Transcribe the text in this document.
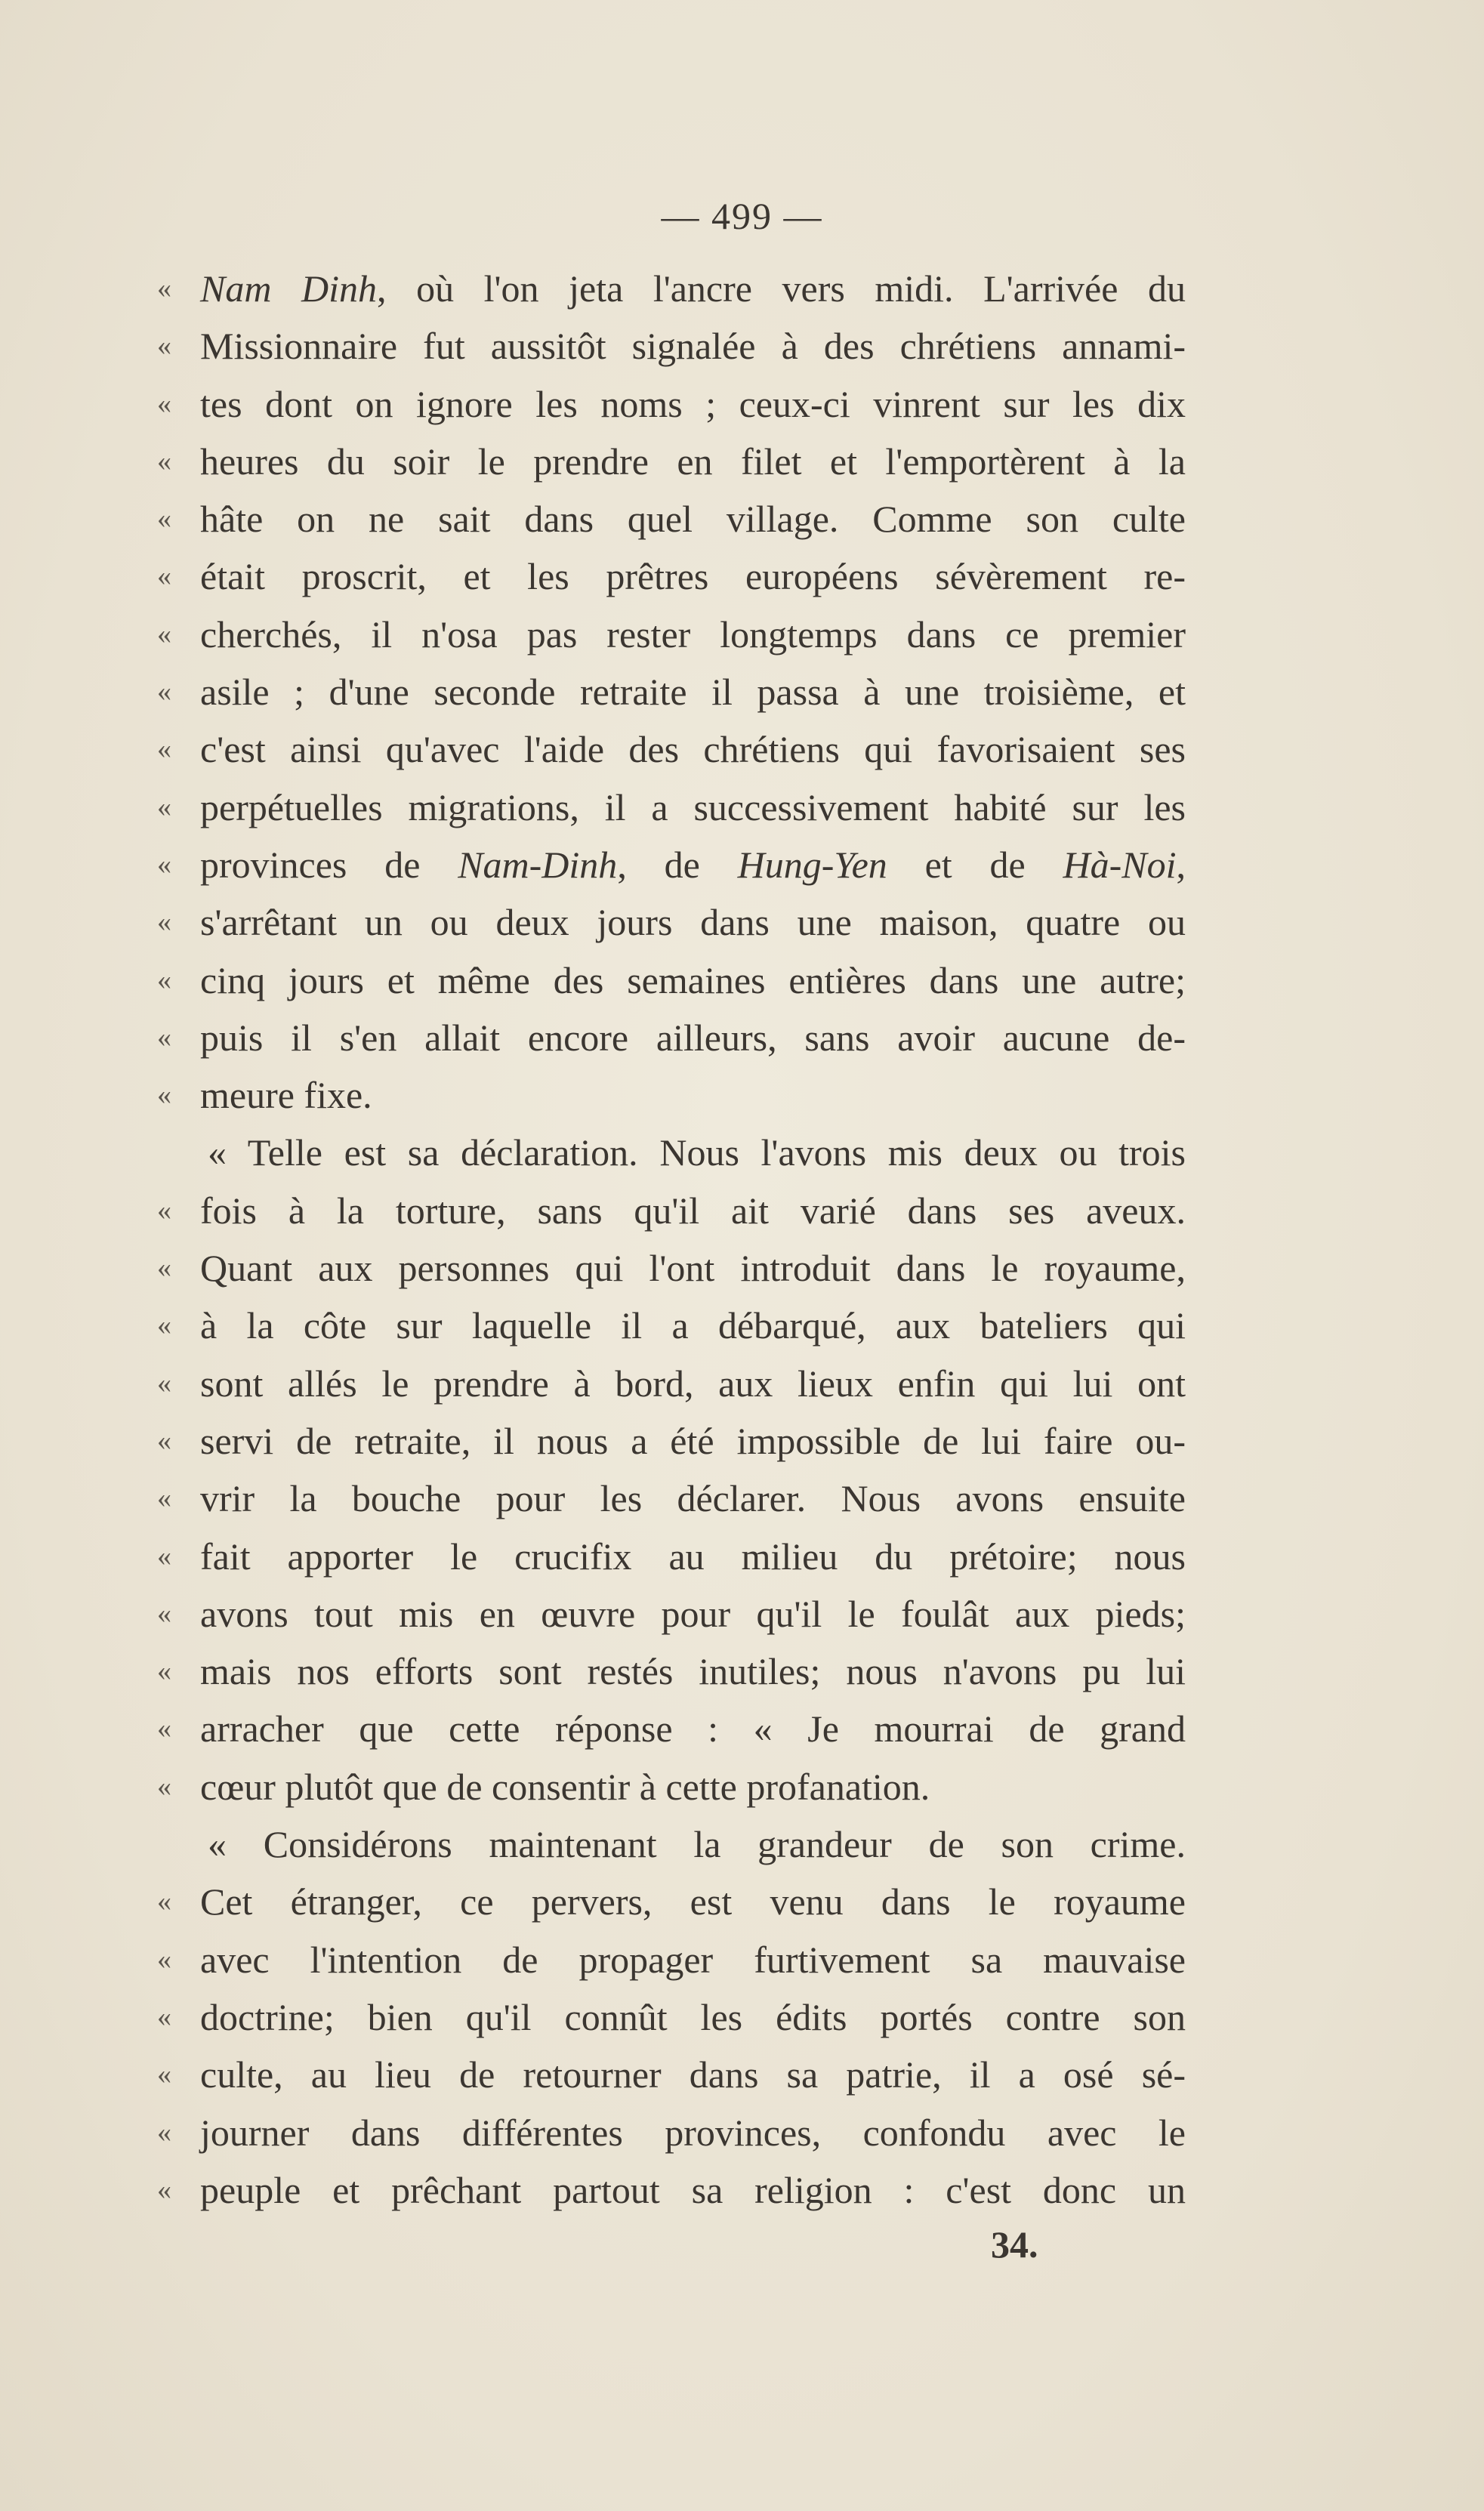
— 499 —
« Nam Dinh, où l'on jeta l'ancre vers midi. L'arrivée du
« Missionnaire fut aussitôt signalée à des chrétiens annami-
« tes dont on ignore les noms ; ceux-ci vinrent sur les dix
« heures du soir le prendre en filet et l'emportèrent à la
« hâte on ne sait dans quel village. Comme son culte
« était proscrit, et les prêtres européens sévèrement re-
« cherchés, il n'osa pas rester longtemps dans ce premier
« asile ; d'une seconde retraite il passa à une troisième, et
« c'est ainsi qu'avec l'aide des chrétiens qui favorisaient ses
« perpétuelles migrations, il a successivement habité sur les
« provinces de Nam-Dinh, de Hung-Yen et de Hà-Noi,
« s'arrêtant un ou deux jours dans une maison, quatre ou
« cinq jours et même des semaines entières dans une autre;
« puis il s'en allait encore ailleurs, sans avoir aucune de-
« meure fixe.
« Telle est sa déclaration. Nous l'avons mis deux ou trois
« fois à la torture, sans qu'il ait varié dans ses aveux.
« Quant aux personnes qui l'ont introduit dans le royaume,
« à la côte sur laquelle il a débarqué, aux bateliers qui
« sont allés le prendre à bord, aux lieux enfin qui lui ont
« servi de retraite, il nous a été impossible de lui faire ou-
« vrir la bouche pour les déclarer. Nous avons ensuite
« fait apporter le crucifix au milieu du prétoire; nous
« avons tout mis en œuvre pour qu'il le foulât aux pieds;
« mais nos efforts sont restés inutiles; nous n'avons pu lui
« arracher que cette réponse : « Je mourrai de grand
« cœur plutôt que de consentir à cette profanation.
« Considérons maintenant la grandeur de son crime.
« Cet étranger, ce pervers, est venu dans le royaume
« avec l'intention de propager furtivement sa mauvaise
« doctrine; bien qu'il connût les édits portés contre son
« culte, au lieu de retourner dans sa patrie, il a osé sé-
« journer dans différentes provinces, confondu avec le
« peuple et prêchant partout sa religion : c'est donc un
34.
